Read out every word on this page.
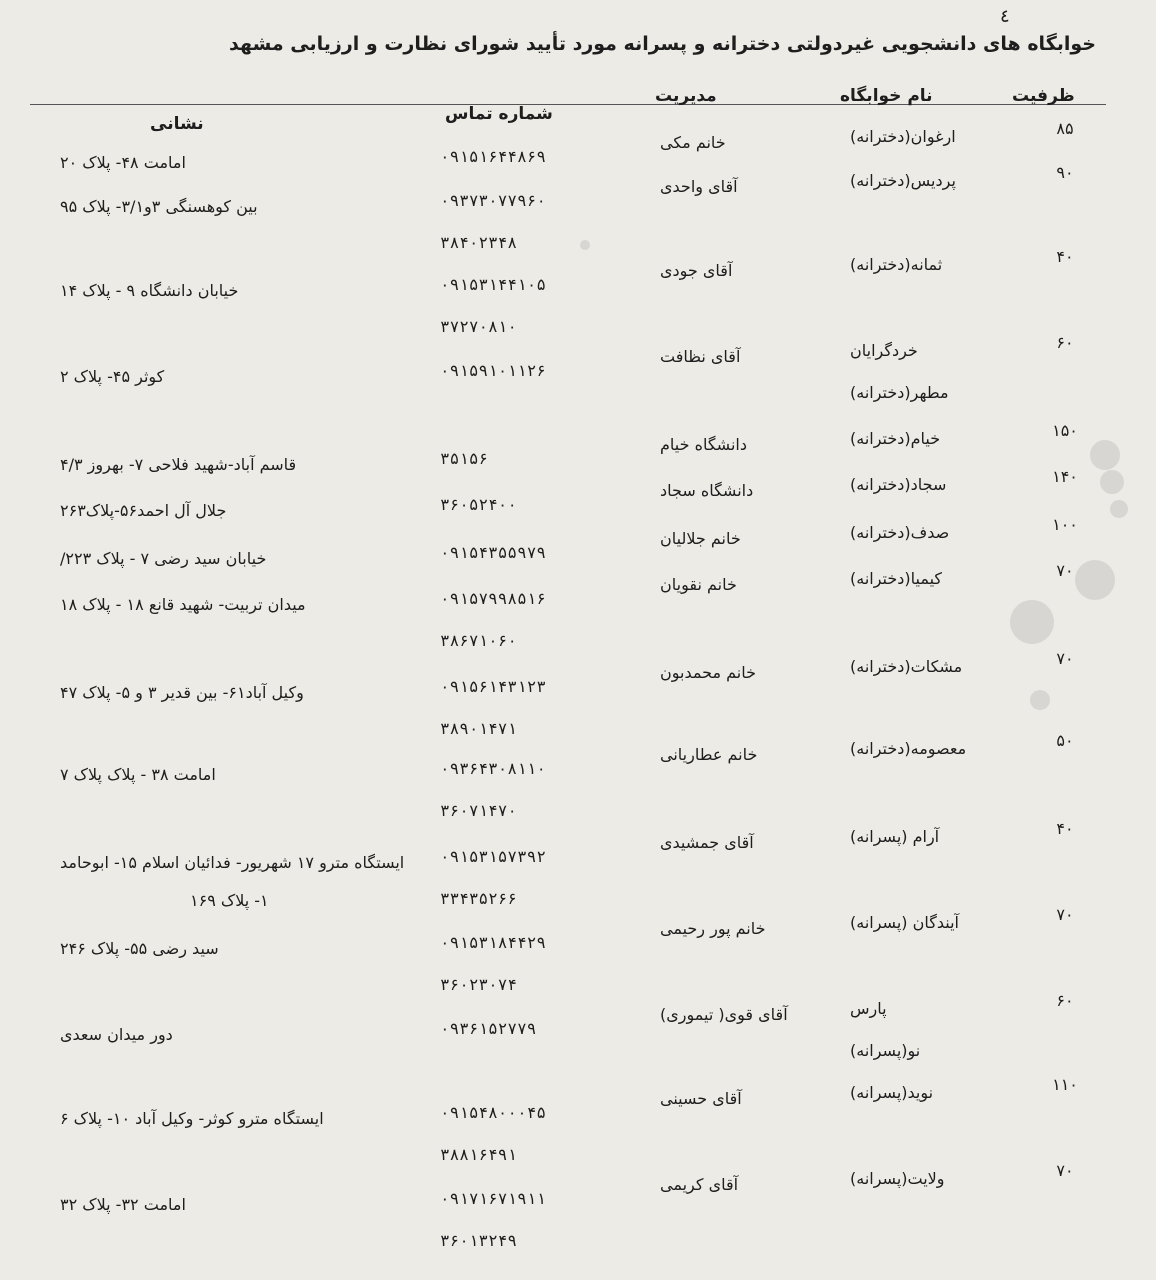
٤
خوابگاه های دانشجویی غیردولتی دخترانه و پسرانه مورد تأیید شورای نظارت و ارزیابی مشهد
ظرفیت
نام خوابگاه
مدیریت
شماره تماس
نشانی	۸۵
ارغوان(دخترانه)
خانم مکی
۰۹۱۵۱۶۴۴۸۶۹
امامت ۴۸- پلاک ۲۰
۹۰
پردیس(دخترانه)
آقای واحدی
۰۹۳۷۳۰۷۷۹۶۰
۳۸۴۰۲۳۴۸
بین کوهسنگی ۳و۳/۱- پلاک ۹۵
۴۰
ثمانه(دخترانه)
آقای جودی
۰۹۱۵۳۱۴۴۱۰۵
۳۷۲۷۰۸۱۰
خیابان دانشگاه ۹ - پلاک ۱۴
۶۰
خردگرایان
مطهر(دخترانه)
آقای نظافت
۰۹۱۵۹۱۰۱۱۲۶
کوثر ۴۵- پلاک ۲
۱۵۰
خیام(دخترانه)
دانشگاه خیام
۳۵۱۵۶
قاسم آباد-شهید فلاحی ۷- بهروز ۴/۳
۱۴۰
سجاد(دخترانه)
دانشگاه سجاد
۳۶۰۵۲۴۰۰
جلال آل احمد۵۶-پلاک۲۶۳
۱۰۰
صدف(دخترانه)
خانم جلالیان
۰۹۱۵۴۳۵۵۹۷۹
خیابان سید رضی ۷ - پلاک ۲۲۳/
۷۰
کیمیا(دخترانه)
خانم نقویان
۰۹۱۵۷۹۹۸۵۱۶
۳۸۶۷۱۰۶۰
میدان تربیت- شهید قانع ۱۸ - پلاک ۱۸
۷۰
مشکات(دخترانه)
خانم محمدبون
۰۹۱۵۶۱۴۳۱۲۳
۳۸۹۰۱۴۷۱
وکیل آباد۶۱- بین قدیر ۳ و ۵- پلاک ۴۷
۵۰
معصومه(دخترانه)
خانم عطاریانی
۰۹۳۶۴۳۰۸۱۱۰
۳۶۰۷۱۴۷۰
امامت ۳۸ - پلاک پلاک ۷
۴۰
آرام (پسرانه)
آقای جمشیدی
۰۹۱۵۳۱۵۷۳۹۲
۳۳۴۳۵۲۶۶
ایستگاه مترو ۱۷ شهریور- فدائیان اسلام ۱۵- ابوحامد
۱- پلاک ۱۶۹
۷۰
آیندگان (پسرانه)
خانم پور رحیمی
۰۹۱۵۳۱۸۴۴۲۹
۳۶۰۲۳۰۷۴
سید رضی ۵۵- پلاک ۲۴۶
۶۰
پارس
نو(پسرانه)
آقای قوی( تیموری)
۰۹۳۶۱۵۲۷۷۹
دور میدان سعدی
۱۱۰
نوید(پسرانه)
آقای حسینی
۰۹۱۵۴۸۰۰۰۴۵
۳۸۸۱۶۴۹۱
ایستگاه مترو کوثر- وکیل آباد ۱۰- پلاک ۶
۷۰
ولایت(پسرانه)
آقای کریمی
۰۹۱۷۱۶۷۱۹۱۱
۳۶۰۱۳۲۴۹
امامت ۳۲- پلاک ۳۲
